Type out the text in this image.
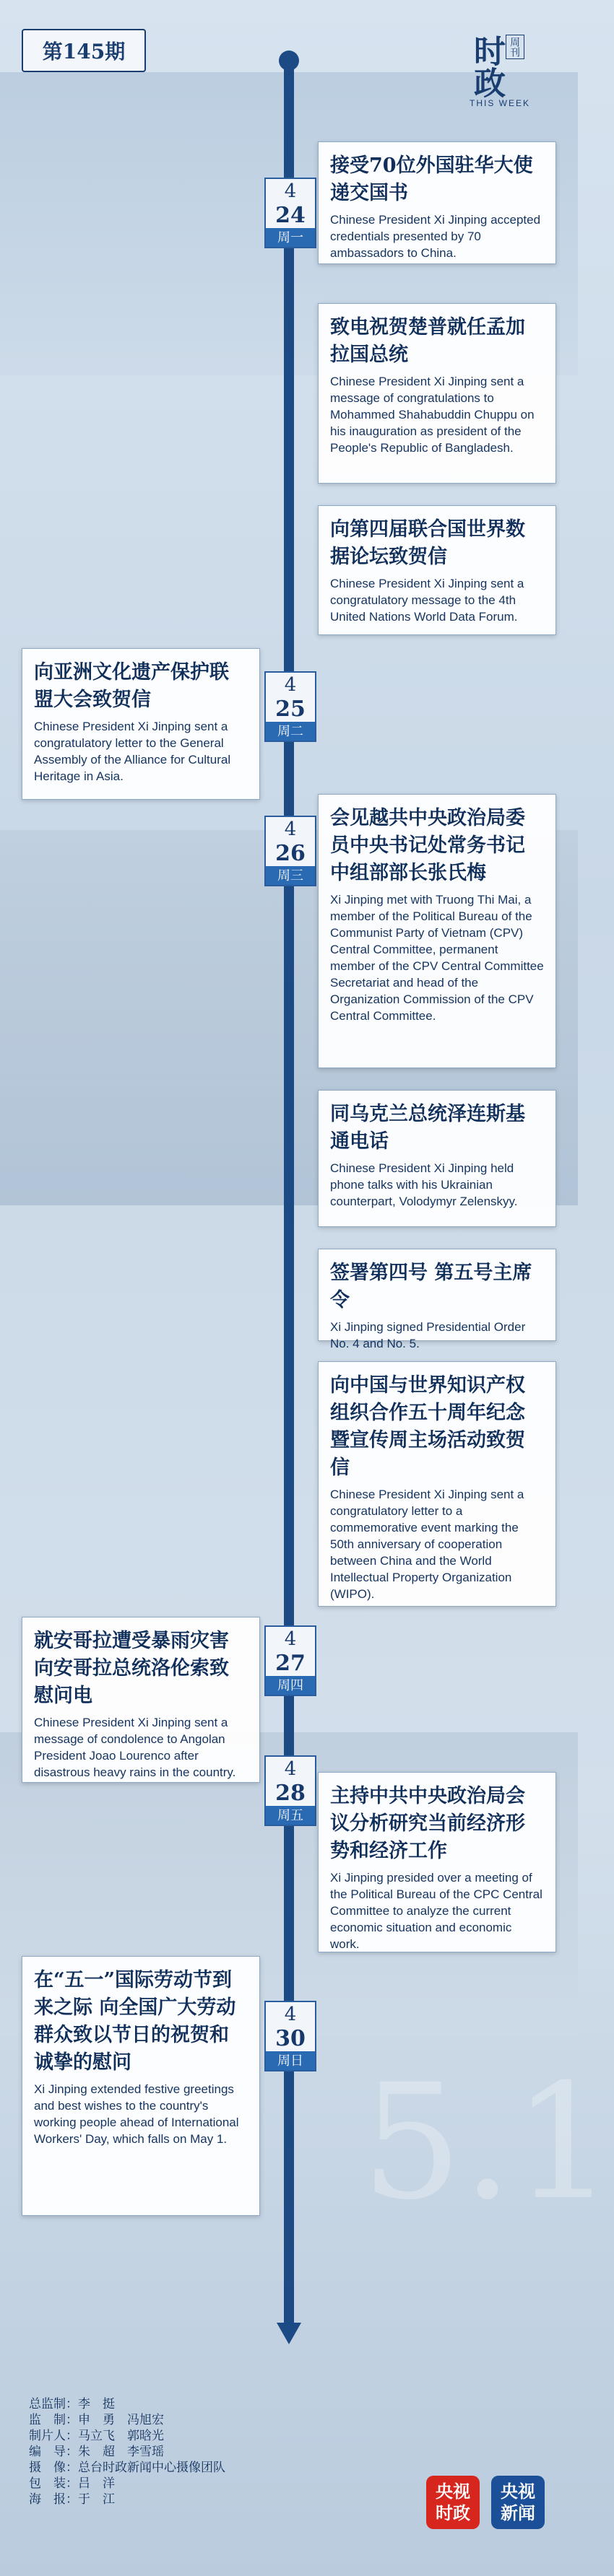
5.1
第145期	时政 周刊
THIS WEEK
4
24
周一
4
25
周二
4
26
周三
4
27
周四
4
28
周五
4
30
周日
接受70位外国驻华大使递交国书
Chinese President Xi Jinping accepted credentials presented by 70 ambassadors to China.
致电祝贺楚普就任孟加拉国总统
Chinese President Xi Jinping sent a message of congratulations to Mohammed Shahabuddin Chuppu on his inauguration as president of the People's Republic of Bangladesh.
向第四届联合国世界数据论坛致贺信
Chinese President Xi Jinping sent a congratulatory message to the 4th United Nations World Data Forum.
向亚洲文化遗产保护联盟大会致贺信
Chinese President Xi Jinping sent a congratulatory letter to the General Assembly of the Alliance for Cultural Heritage in Asia.
会见越共中央政治局委员中央书记处常务书记中组部部长张氏梅
Xi Jinping met with Truong Thi Mai, a member of the Political Bureau of the Communist Party of Vietnam (CPV) Central Committee, permanent member of the CPV Central Committee Secretariat and head of the Organization Commission of the CPV Central Committee.
同乌克兰总统泽连斯基通电话
Chinese President Xi Jinping held phone talks with his Ukrainian counterpart, Volodymyr Zelenskyy.
签署第四号 第五号主席令
Xi Jinping signed Presidential Order No. 4 and No. 5.
向中国与世界知识产权组织合作五十周年纪念暨宣传周主场活动致贺信
Chinese President Xi Jinping sent a congratulatory letter to a commemorative event marking the 50th anniversary of cooperation between China and the World Intellectual Property Organization (WIPO).
就安哥拉遭受暴雨灾害向安哥拉总统洛伦索致慰问电
Chinese President Xi Jinping sent a message of condolence to Angolan President Joao Lourenco after disastrous heavy rains in the country.
主持中共中央政治局会议分析研究当前经济形势和经济工作
Xi Jinping presided over a meeting of the Political Bureau of the CPC Central Committee to analyze the current economic situation and economic work.
在“五一”国际劳动节到来之际 向全国广大劳动群众致以节日的祝贺和诚挚的慰问
Xi Jinping extended festive greetings and best wishes to the country's working people ahead of International Workers' Day, which falls on May 1.
总监制：李　挺
监　制：申　勇　冯旭宏
制片人：马立飞　郭晗光
编　导：朱　超　李雪瑶
摄　像：总台时政新闻中心摄像团队
包　装：吕　洋
海　报：于　江	央视
时政
央视
新闻
